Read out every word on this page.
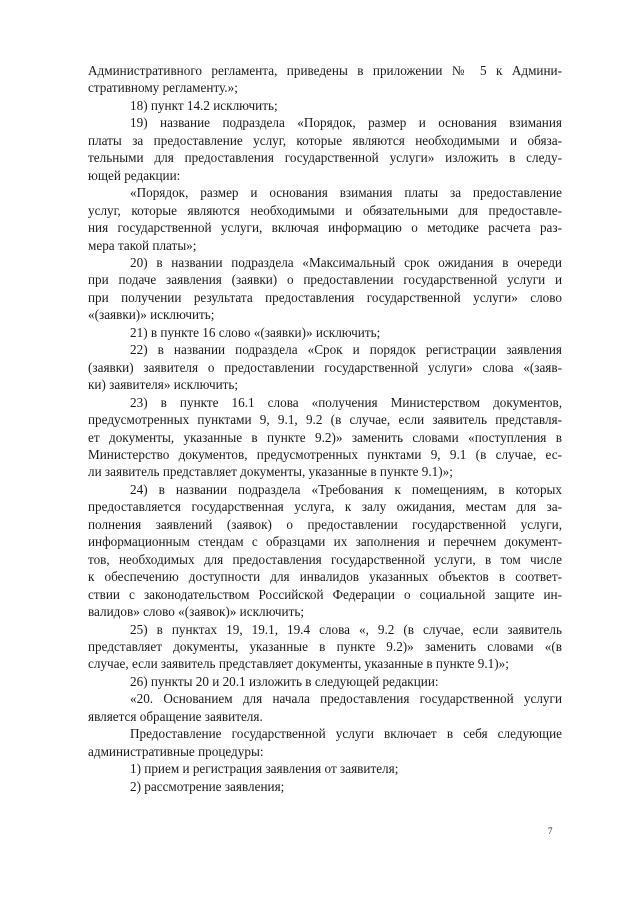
Административного регламента, приведены в приложении № 5 к Админи-
стративному регламенту.»;

18) пункт 14.2 исключить;

19) название подраздела «Порядок, размер и основания взимания
платы за предоставление услуг, которые являются необходимыми и обяза-
тельными для предоставления государственной услуги» изложить в следу-
ющей редакции:

«Порядок, размер и основания взимания платы за предоставление
услуг, которые являются необходимыми и обязательными для предоставле-
ния государственной услуги, включая информацию о методике расчета раз-
мера такой платы»;

20) в названии подраздела «Максимальный срок ожидания в очереди
при подаче заявления (заявки) о предоставлении государственной услуги и
при получении результата предоставления государственной услуги» слово
«(заявки)» исключить;

21) в пункте 16 слово «(заявки)» исключить;

22) в названии подраздела «Срок и порядок регистрации заявления
(заявки) заявителя о предоставлении государственной услуги» слова «(заяв-
ки) заявителя» исключить;

23) в пункте 16.1 слова «получения Министерством документов,
предусмотренных пунктами 9, 9.1, 9.2 (в случае, если заявитель представля-
ет документы, указанные в пункте 9.2)» заменить словами «поступления в
Министерство документов, предусмотренных пунктами 9, 9.1 (в случае, ес-
ли заявитель представляет документы, указанные в пункте 9.1)»;

24) в названии подраздела «Требования к помещениям, в которых
предоставляется государственная услуга, к залу ожидания, местам для за-
полнения заявлений (заявок) о предоставлении государственной услуги,
информационным стендам с образцами их заполнения и перечнем документ-
тов, необходимых для предоставления государственной услуги, в том числе
к обеспечению доступности для инвалидов указанных объектов в соответ-
ствии с законодательством Российской Федерации о социальной защите ин-
валидов» слово «(заявок)» исключить;

25) в пунктах 19, 19.1, 19.4 слова «, 9.2 (в случае, если заявитель
представляет документы, указанные в пункте 9.2)» заменить словами «(в
случае, если заявитель представляет документы, указанные в пункте 9.1)»;

26) пункты 20 и 20.1 изложить в следующей редакции:

«20. Основанием для начала предоставления государственной услуги
является обращение заявителя.

Предоставление государственной услуги включает в себя следующие
административные процедуры:

1) прием и регистрация заявления от заявителя;

2) рассмотрение заявления;

7
